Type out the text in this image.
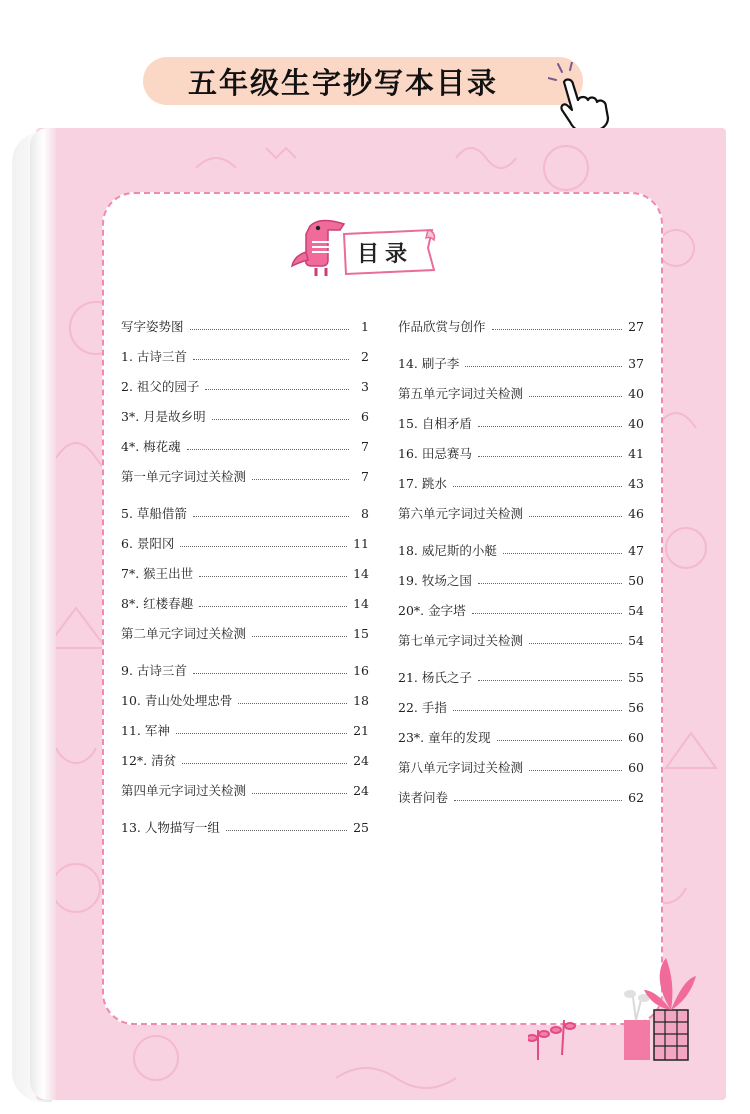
五年级生字抄写本目录
目录
写字姿势图	1
1. 古诗三首	2
2. 祖父的园子	3
3*. 月是故乡明	6
4*. 梅花魂	7
第一单元字词过关检测	7
5. 草船借箭	8
6. 景阳冈	11
7*. 猴王出世	14
8*. 红楼春趣	14
第二单元字词过关检测	15
9. 古诗三首	16
10. 青山处处埋忠骨	18
11. 军神	21
12*. 清贫	24
第四单元字词过关检测	24
13. 人物描写一组	25
作品欣赏与创作	27
14. 刷子李	37
第五单元字词过关检测	40
15. 自相矛盾	40
16. 田忌赛马	41
17. 跳水	43
第六单元字词过关检测	46
18. 威尼斯的小艇	47
19. 牧场之国	50
20*. 金字塔	54
第七单元字词过关检测	54
21. 杨氏之子	55
22. 手指	56
23*. 童年的发现	60
第八单元字词过关检测	60
读者问卷	62
